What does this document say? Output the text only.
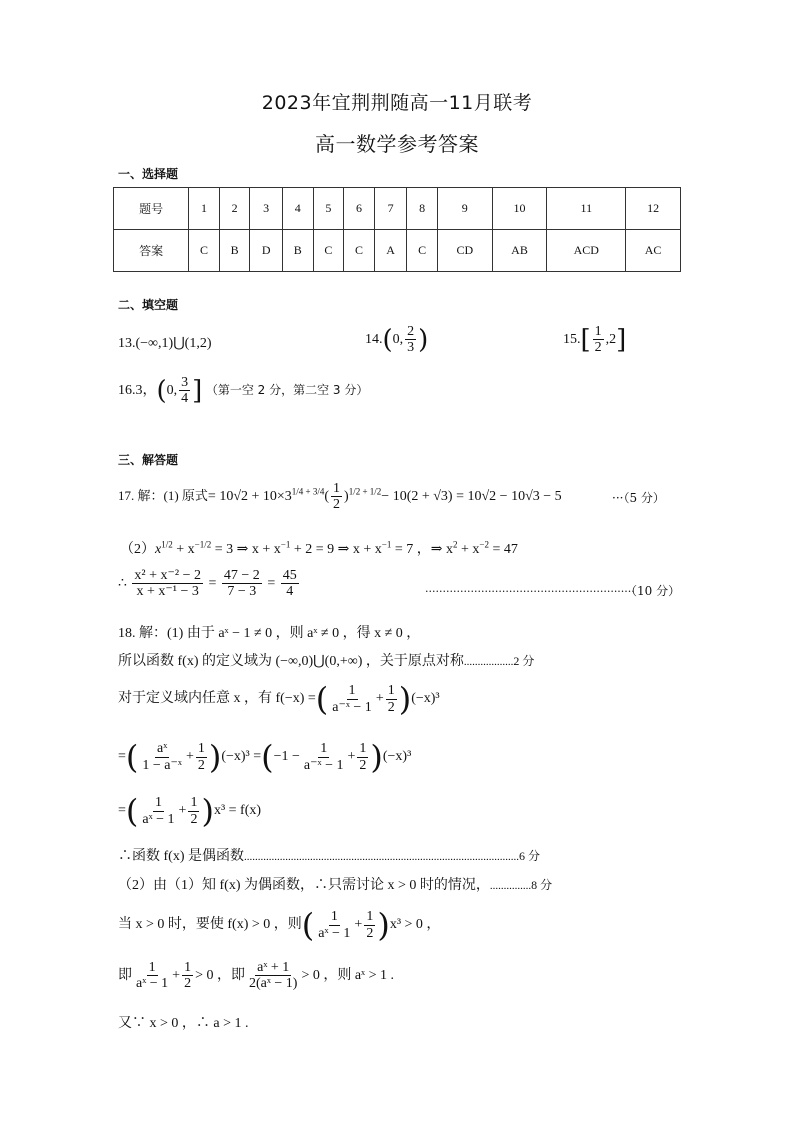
2023年宜荆荆随高一11月联考
高一数学参考答案
一、选择题
题号	1	2	3	4	5	6	7	8	9	10	11	12
答案	C	B	D	B	C	C	A	C	CD	AB	ACD	AC
二、填空题
13.(−∞,1)⋃(1,2)	14.(0, $\frac{2}{3}$ )	$15.[ \frac{1}{2} ,2]$
16.3，(0, $\frac{3}{4}$ ] （第一空 2 分，第二空 3 分）
三、解答题
17. 解：(1) 原式= $10√2 + 10\times 3^{1/4 + 3/4}( \frac{1}{2} )^{1/2 + 1/2}- 10(2 + √3) = 10√2 - 10√3 - 5$	···（5 分）
$(2)x^{1/2} + x^{-1/2} = 3$ ⇒ $x + x^{-1} + 2 = 9$ ⇒ $x + x^{-1} = 7$ ，⇒ $x^2 + x^{-2} = 47$
∴ $\frac{\text{x² + x⁻² − 2}}{\text{x + x⁻¹ − 3}} = \frac{47 - 2}{7 - 3} = \frac{45}{4}$	............................................................
（10 分）
18. 解：(1) 由于 aˣ − 1 ≠ 0 ，则 aˣ ≠ 0 ，得 x ≠ 0 ，
所以函数 f(x) 的定义域为 (−∞,0)⋃(0,+∞) ，关于原点对称..................2 分
对于定义域内任意 x ，有 f(−x) =( $\frac{1}{\text{a⁻ˣ − 1}} + \frac{1}{2} )(-x)^3$
=( $\frac{\text{aˣ}}{\text{1 − a⁻ˣ}} + \frac{1}{2} )(-x)^3 =(-1 - \frac{1}{\text{a⁻ˣ − 1}} + \frac{1}{2} )(-x)^3$
=( $\frac{1}{\text{aˣ − 1}} + \frac{1}{2} )x^3 = f(x)$
∴函数 f(x) 是偶函数....................................................................................................6 分
（2）由（1）知 f(x) 为偶函数，∴只需讨论 x > 0 时的情况，...............8 分
当 x > 0 时，要使 f(x) > 0 ，则( $\frac{1}{\text{aˣ − 1}} + \frac{1}{2} )x^3 > 0$ ，
即 $\frac{1}{\text{aˣ − 1}} + \frac{1}{2} > 0$ ，即 $\frac{\text{aˣ + 1}}{\text{2(aˣ − 1)}} > 0$ ，则 aˣ > 1 .
又∵ x > 0 ，∴ a > 1 .
